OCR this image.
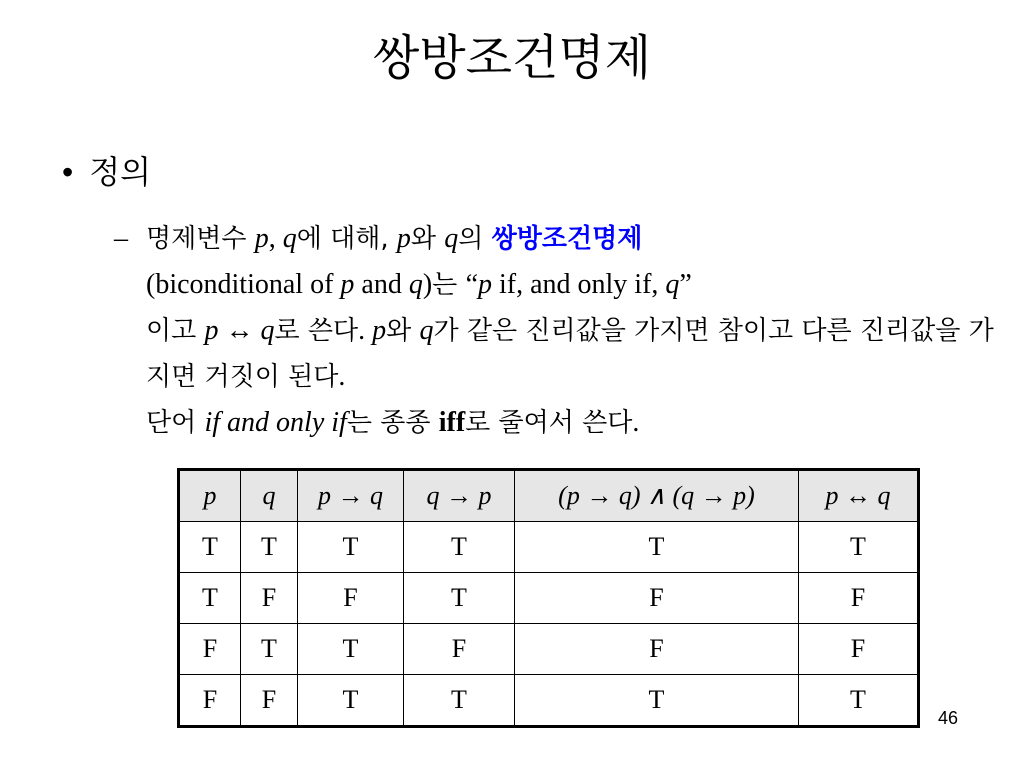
쌍방조건명제
• 정의
– 명제변수 p, q에 대해, p와 q의 쌍방조건명제
(biconditional of p and q)는 “p if, and only if, q”
이고 p ↔ q로 쓴다. p와 q가 같은 진리값을 가지면 참이고 다른 진리값을 가지면 거짓이 된다.
단어 if and only if는 종종 iff로 줄여서 쓴다.
p	q	p → q	q → p	(p → q) ∧ (q → p)	p ↔ q
T	T	T	T	T	T
T	F	F	T	F	F
F	T	T	F	F	F
F	F	T	T	T	T
46
